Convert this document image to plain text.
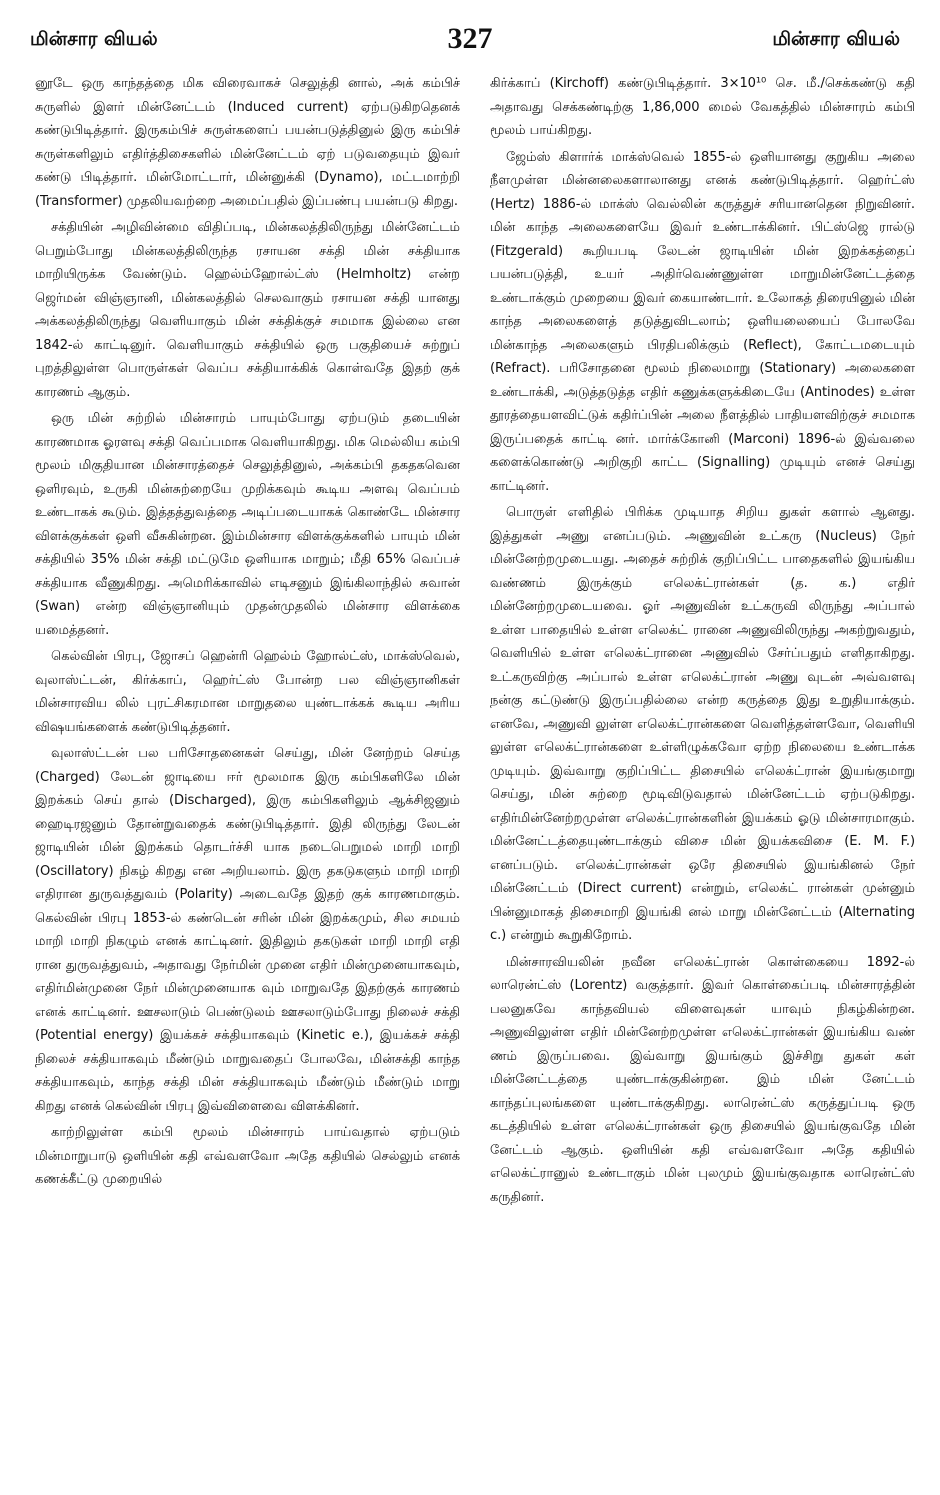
மின்சார வியல்	327	மின்சார வியல்

னூடே ஒரு காந்தத்தை மிக விரைவாகச் செலுத்தி னால், அக் கம்பிச் சுருளில் இளர் மின்னேட்டம் (Induced current) ஏற்படுகிறதெனக் கண்டுபிடித்தார். இருகம்பிச் சுருள்களைப் பயன்படுத்தினுல் இரு கம்பிச் சுருள்களிலும் எதிர்த்திசைகளில் மின்னேட்டம் ஏற் படுவதையும் இவர் கண்டு பிடித்தார். மின்மோட்டார், மின்னுக்கி (Dynamo), மட்டமாற்றி (Transformer) முதலியவற்றை அமைப்பதில் இப்பண்பு பயன்படு கிறது.

சக்தியின் அழிவின்மை விதிப்படி, மின்கலத்திலிருந்து மின்னேட்டம் பெறும்போது மின்கலத்திலிருந்த ரசாயன சக்தி மின் சக்தியாக மாறியிருக்க வேண்டும். ஹெல்ம்ஹோல்ட்ஸ் (Helmholtz) என்ற ஜெர்மன் விஞ்ஞானி, மின்கலத்தில் செலவாகும் ரசாயன சக்தி யானது அக்கலத்திலிருந்து வெளியாகும் மின் சக்திக்குச் சமமாக இல்லை என 1842-ல் காட்டினுர். வெளியாகும் சக்தியில் ஒரு பகுதியைச் சுற்றுப் புறத்திலுள்ள பொருள்கள் வெப்ப சக்தியாக்கிக் கொள்வதே இதற் குக் காரணம் ஆகும்.

ஒரு மின் சுற்றில் மின்சாரம் பாயும்போது ஏற்படும் தடையின் காரணமாக ஓரளவு சக்தி வெப்பமாக வெளியாகிறது. மிக மெல்லிய கம்பி மூலம் மிகுதியான மின்சாரத்தைச் செலுத்தினுல், அக்கம்பி தகதகவென ஒளிரவும், உருகி மின்சுற்றையே முறிக்கவும் கூடிய அளவு வெப்பம் உண்டாகக் கூடும். இத்தத்துவத்தை அடிப்படையாகக் கொண்டே மின்சார விளக்குக்கள் ஒளி வீசுகின்றன. இம்மின்சார விளக்குக்களில் பாயும் மின் சக்தியில் 35% மின் சக்தி மட்டுமே ஒளியாக மாறும்; மீதி 65% வெப்பச் சக்தியாக வீணுகிறது. அமெரிக்காவில் எடிசனும் இங்கிலாந்தில் சுவான் (Swan) என்ற விஞ்ஞானியும் முதன்முதலில் மின்சார விளக்கை யமைத்தனர்.

கெல்வின் பிரபு, ஜோசப் ஹென்ரி ஹெல்ம் ஹோல்ட்ஸ், மாக்ஸ்வெல், வுலாஸ்ட்டன், கிர்க்காப், ஹெர்ட்ஸ் போன்ற பல விஞ்ஞானிகள் மின்சாரவிய லில் புரட்சிகரமான மாறுதலை யுண்டாக்கக் கூடிய அரிய விஷயங்களைக் கண்டுபிடித்தனர்.

வுலாஸ்ட்டன் பல பரிசோதனைகள் செய்து, மின் னேற்றம் செய்த (Charged) லேடன் ஜாடியை ஈர் மூலமாக இரு கம்பிகளிலே மின் இறக்கம் செய் தால் (Discharged), இரு கம்பிகளிலும் ஆக்சிஜனும் ஹைடிரஜனும் தோன்றுவதைக் கண்டுபிடித்தார். இதி லிருந்து லேடன் ஜாடியின் மின் இறக்கம் தொடர்ச்சி யாக நடைபெறுமல் மாறி மாறி (Oscillatory) நிகழ் கிறது என அறியலாம். இரு தகடுகளும் மாறி மாறி எதிரான துருவத்துவம் (Polarity) அடைவதே இதற் குக் காரணமாகும். கெல்வின் பிரபு 1853-ல் கண்டென் சரின் மின் இறக்கமும், சில சமயம் மாறி மாறி நிகழும் எனக் காட்டினர். இதிலும் தகடுகள் மாறி மாறி எதி ரான துருவத்துவம், அதாவது நேர்மின் முனை எதிர் மின்முனையாகவும், எதிர்மின்முனை நேர் மின்முனையாக வும் மாறுவதே இதற்குக் காரணம் எனக் காட்டினர். ஊசலாடும் பெண்டுலம் ஊசலாடும்போது நிலைச் சக்தி (Potential energy) இயக்கச் சக்தியாகவும் (Kinetic e.), இயக்கச் சக்தி நிலைச் சக்தியாகவும் மீண்டும் மாறுவதைப் போலவே, மின்சக்தி காந்த சக்தியாகவும், காந்த சக்தி மின் சக்தியாகவும் மீண்டும் மீண்டும் மாறு கிறது எனக் கெல்வின் பிரபு இவ்விளைவை விளக்கினர்.

காற்றிலுள்ள கம்பி மூலம் மின்சாரம் பாய்வதால் ஏற்படும் மின்மாறுபாடு ஒளியின் கதி எவ்வளவோ அதே கதியில் செல்லும் எனக் கணக்கீட்டு முறையில்

கிர்க்காப் (Kirchoff) கண்டுபிடித்தார். 3×10¹⁰ செ. மீ./செக்கண்டு கதி அதாவது செக்கண்டிற்கு 1,86,000 மைல் வேகத்தில் மின்சாரம் கம்பி மூலம் பாய்கிறது.

ஜேம்ஸ் கிளார்க் மாக்ஸ்வெல் 1855-ல் ஒளியானது குறுகிய அலை நீளமுள்ள மின்னலைகளாலானது எனக் கண்டுபிடித்தார். ஹெர்ட்ஸ் (Hertz) 1886-ல் மாக்ஸ் வெல்லின் கருத்துச் சரியானதென நிறுவினர். மின் காந்த அலைகளையே இவர் உண்டாக்கினர். பிட்ஸ்ஜெ ரால்டு (Fitzgerald) கூறியபடி லேடன் ஜாடியின் மின் இறக்கத்தைப் பயன்படுத்தி, உயர் அதிர்வெண்ணுள்ள மாறுமின்னேட்டத்தை உண்டாக்கும் முறையை இவர் கையாண்டார். உலோகத் திரையினுல் மின் காந்த அலைகளைத் தடுத்துவிடலாம்; ஒளியலையைப் போலவே மின்காந்த அலைகளும் பிரதிபலிக்கும் (Reflect), கோட்டமடையும் (Refract). பரிசோதனை மூலம் நிலைமாறு (Stationary) அலைகளை உண்டாக்கி, அடுத்தடுத்த எதிர் கணுக்களுக்கிடையே (Antinodes) உள்ள தூரத்தையளவிட்டுக் கதிர்ப்பின் அலை நீளத்தில் பாதியளவிற்குச் சமமாக இருப்பதைக் காட்டி னர். மார்க்கோனி (Marconi) 1896-ல் இவ்வலை களைக்கொண்டு அறிகுறி காட்ட (Signalling) முடியும் எனச் செய்து காட்டினர்.

பொருள் எளிதில் பிரிக்க முடியாத சிறிய துகள் களால் ஆனது. இத்துகள் அணு எனப்படும். அணுவின் உட்கரு (Nucleus) நேர் மின்னேற்றமுடையது. அதைச் சுற்றிக் குறிப்பிட்ட பாதைகளில் இயங்கிய வண்ணம் இருக்கும் எலெக்ட்ரான்கள் (த. க.) எதிர் மின்னேற்றமுடையவை. ஓர் அணுவின் உட்கருவி லிருந்து அப்பால் உள்ள பாதையில் உள்ள எலெக்ட் ரானை அணுவிலிருந்து அகற்றுவதும், வெளியில் உள்ள எலெக்ட்ரானை அணுவில் சேர்ப்பதும் எளிதாகிறது. உட்கருவிற்கு அப்பால் உள்ள எலெக்ட்ரான் அணு வுடன் அவ்வளவு நன்கு கட்டுண்டு இருப்பதில்லை என்ற கருத்தை இது உறுதியாக்கும். எனவே, அணுவி லுள்ள எலெக்ட்ரான்களை வெளித்தள்ளவோ, வெளியி லுள்ள எலெக்ட்ரான்களை உள்ளிழுக்கவோ ஏற்ற நிலையை உண்டாக்க முடியும். இவ்வாறு குறிப்பிட்ட திசையில் எலெக்ட்ரான் இயங்குமாறு செய்து, மின் சுற்றை மூடிவிடுவதால் மின்னேட்டம் ஏற்படுகிறது. எதிர்மின்னேற்றமுள்ள எலெக்ட்ரான்களின் இயக்கம் ஓடு மின்சாரமாகும். மின்னேட்டத்தையுண்டாக்கும் விசை மின் இயக்கவிசை (E. M. F.) எனப்படும். எலெக்ட்ரான்கள் ஒரே திசையில் இயங்கினல் நேர் மின்னேட்டம் (Direct current) என்றும், எலெக்ட் ரான்கள் முன்னும் பின்னுமாகத் திசைமாறி இயங்கி னல் மாறு மின்னேட்டம் (Alternating c.) என்றும் கூறுகிறோம்.

மின்சாரவியலின் நவீன எலெக்ட்ரான் கொள்கையை 1892-ல் லாரென்ட்ஸ் (Lorentz) வகுத்தார். இவர் கொள்கைப்படி மின்சாரத்தின் பலனுகவே காந்தவியல் விளைவுகள் யாவும் நிகழ்கின்றன. அணுவிலுள்ள எதிர் மின்னேற்றமுள்ள எலெக்ட்ரான்கள் இயங்கிய வண் ணம் இருப்பவை. இவ்வாறு இயங்கும் இச்சிறு துகள் கள் மின்னேட்டத்தை யுண்டாக்குகின்றன. இம் மின் னேட்டம் காந்தப்புலங்களை யுண்டாக்குகிறது. லாரென்ட்ஸ் கருத்துப்படி ஒரு கடத்தியில் உள்ள எலெக்ட்ரான்கள் ஒரு திசையில் இயங்குவதே மின் னேட்டம் ஆகும். ஒளியின் கதி எவ்வளவோ அதே கதியில் எலெக்ட்ரானுல் உண்டாகும் மின் புலமும் இயங்குவதாக லாரென்ட்ஸ் கருதினர்.
